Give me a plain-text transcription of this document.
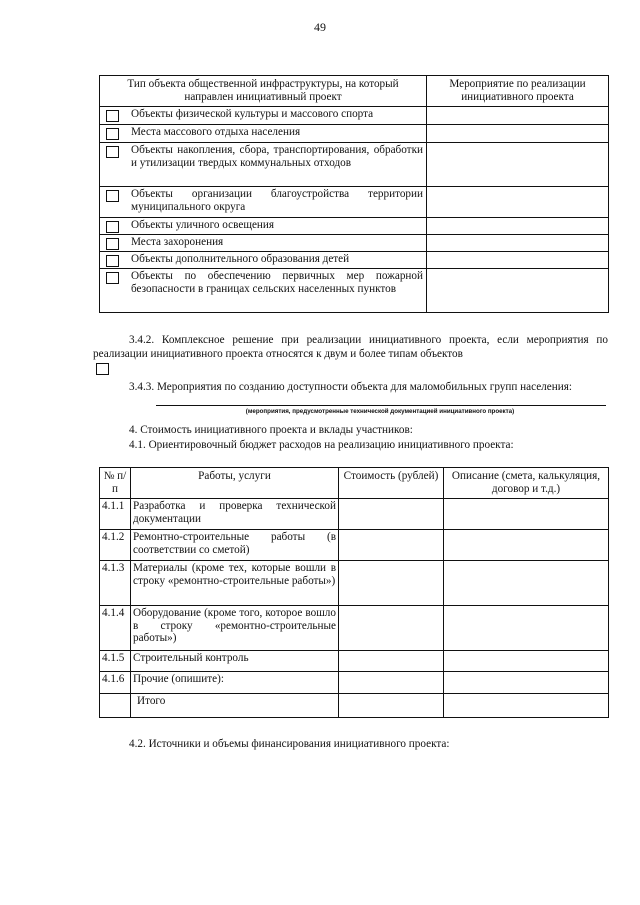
49
Тип объекта общественной инфраструктуры, на который направлен инициативный проект	Мероприятие по реализации инициативного проекта

Объекты физической культуры и массового спорта	

Места массового отдыха населения	

Объекты накопления, сбора, транспортирования, обработки и утилизации твердых коммунальных отходов	

Объекты организации благоустройства территории муниципального округа	

Объекты уличного освещения	

Места захоронения	

Объекты дополнительного образования детей	

Объекты по обеспечению первичных мер пожарной безопасности в границах сельских населенных пунктов	
3.4.2. Комплексное решение при реализации инициативного проекта, если мероприятия по реализации инициативного проекта относятся к двум и более типам объектов
3.4.3. Мероприятия по созданию доступности объекта для маломобильных групп населения:
(мероприятия, предусмотренные технической документацией инициативного проекта)
4. Стоимость инициативного проекта и вклады участников:
4.1. Ориентировочный бюджет расходов на реализацию инициативного проекта:
№ п/п	Работы, услуги	Стоимость (рублей)	Описание (смета, калькуляция, договор и т.д.)
4.1.1	Разработка и проверка технической документации		
4.1.2	Ремонтно-строительные работы (в соответствии со сметой)		
4.1.3	Материалы (кроме тех, которые вошли в строку «ремонтно-строительные работы»)		
4.1.4	Оборудование (кроме того, которое вошло в строку «ремонтно-строительные работы»)		
4.1.5	Строительный контроль		
4.1.6	Прочие (опишите):		
	Итого		
4.2. Источники и объемы финансирования инициативного проекта:
